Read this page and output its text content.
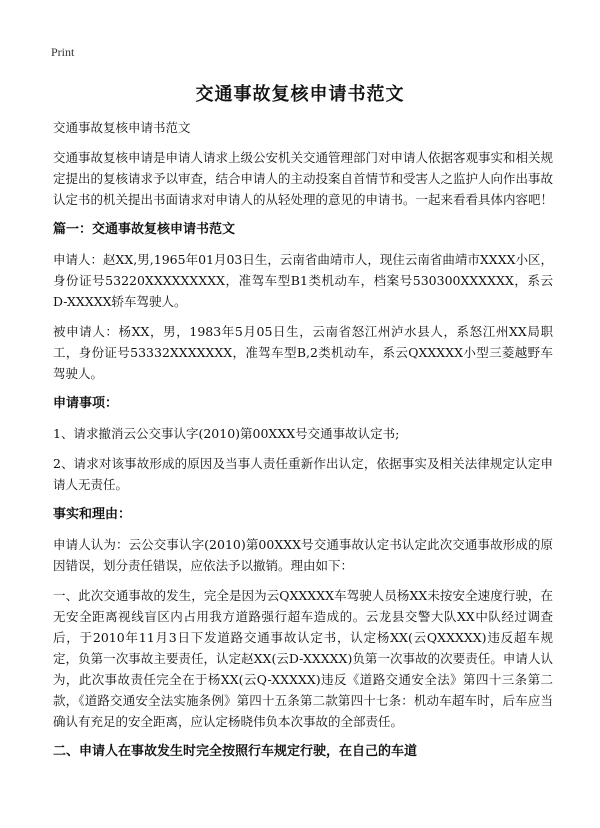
Print
交通事故复核申请书范文

交通事故复核申请书范文

交通事故复核申请是申请人请求上级公安机关交通管理部门对申请人依据客观事实和相关规定提出的复核请求予以审查，结合申请人的主动投案自首情节和受害人之监护人向作出事故认定书的机关提出书面请求对申请人的从轻处理的意见的申请书。一起来看看具体内容吧！

篇一：交通事故复核申请书范文

申请人：赵XX,男,1965年01月03日生，云南省曲靖市人，现住云南省曲靖市XXXX小区，身份证号53220XXXXXXXXX，准驾车型B1类机动车，档案号530300XXXXXX，系云D-XXXXX轿车驾驶人。

被申请人：杨XX，男，1983年5月05日生，云南省怒江州泸水县人，系怒江州XX局职工，身份证号53332XXXXXXX，准驾车型B,2类机动车，系云QXXXXX小型三菱越野车驾驶人。

申请事项：

1、请求撤消云公交事认字(2010)第00XXX号交通事故认定书;

2、请求对该事故形成的原因及当事人责任重新作出认定，依据事实及相关法律规定认定申请人无责任。

事实和理由：

申请人认为：云公交事认字(2010)第00XXX号交通事故认定书认定此次交通事故形成的原因错误，划分责任错误，应依法予以撤销。理由如下：

一、此次交通事故的发生，完全是因为云QXXXXX车驾驶人员杨XX未按安全速度行驶，在无安全距离视线盲区内占用我方道路强行超车造成的。云龙县交警大队XX中队经过调查后，于2010年11月3日下发道路交通事故认定书，认定杨XX(云QXXXXX)违反超车规定，负第一次事故主要责任，认定赵XX(云D-XXXXX)负第一次事故的次要责任。申请人认为，此次事故责任完全在于杨XX(云Q-XXXXX)违反《道路交通安全法》第四十三条第二款，《道路交通安全法实施条例》第四十五条第二款第四十七条：机动车超车时，后车应当确认有充足的安全距离，应认定杨晓伟负本次事故的全部责任。

二、申请人在事故发生时完全按照行车规定行驶，在自己的车道
